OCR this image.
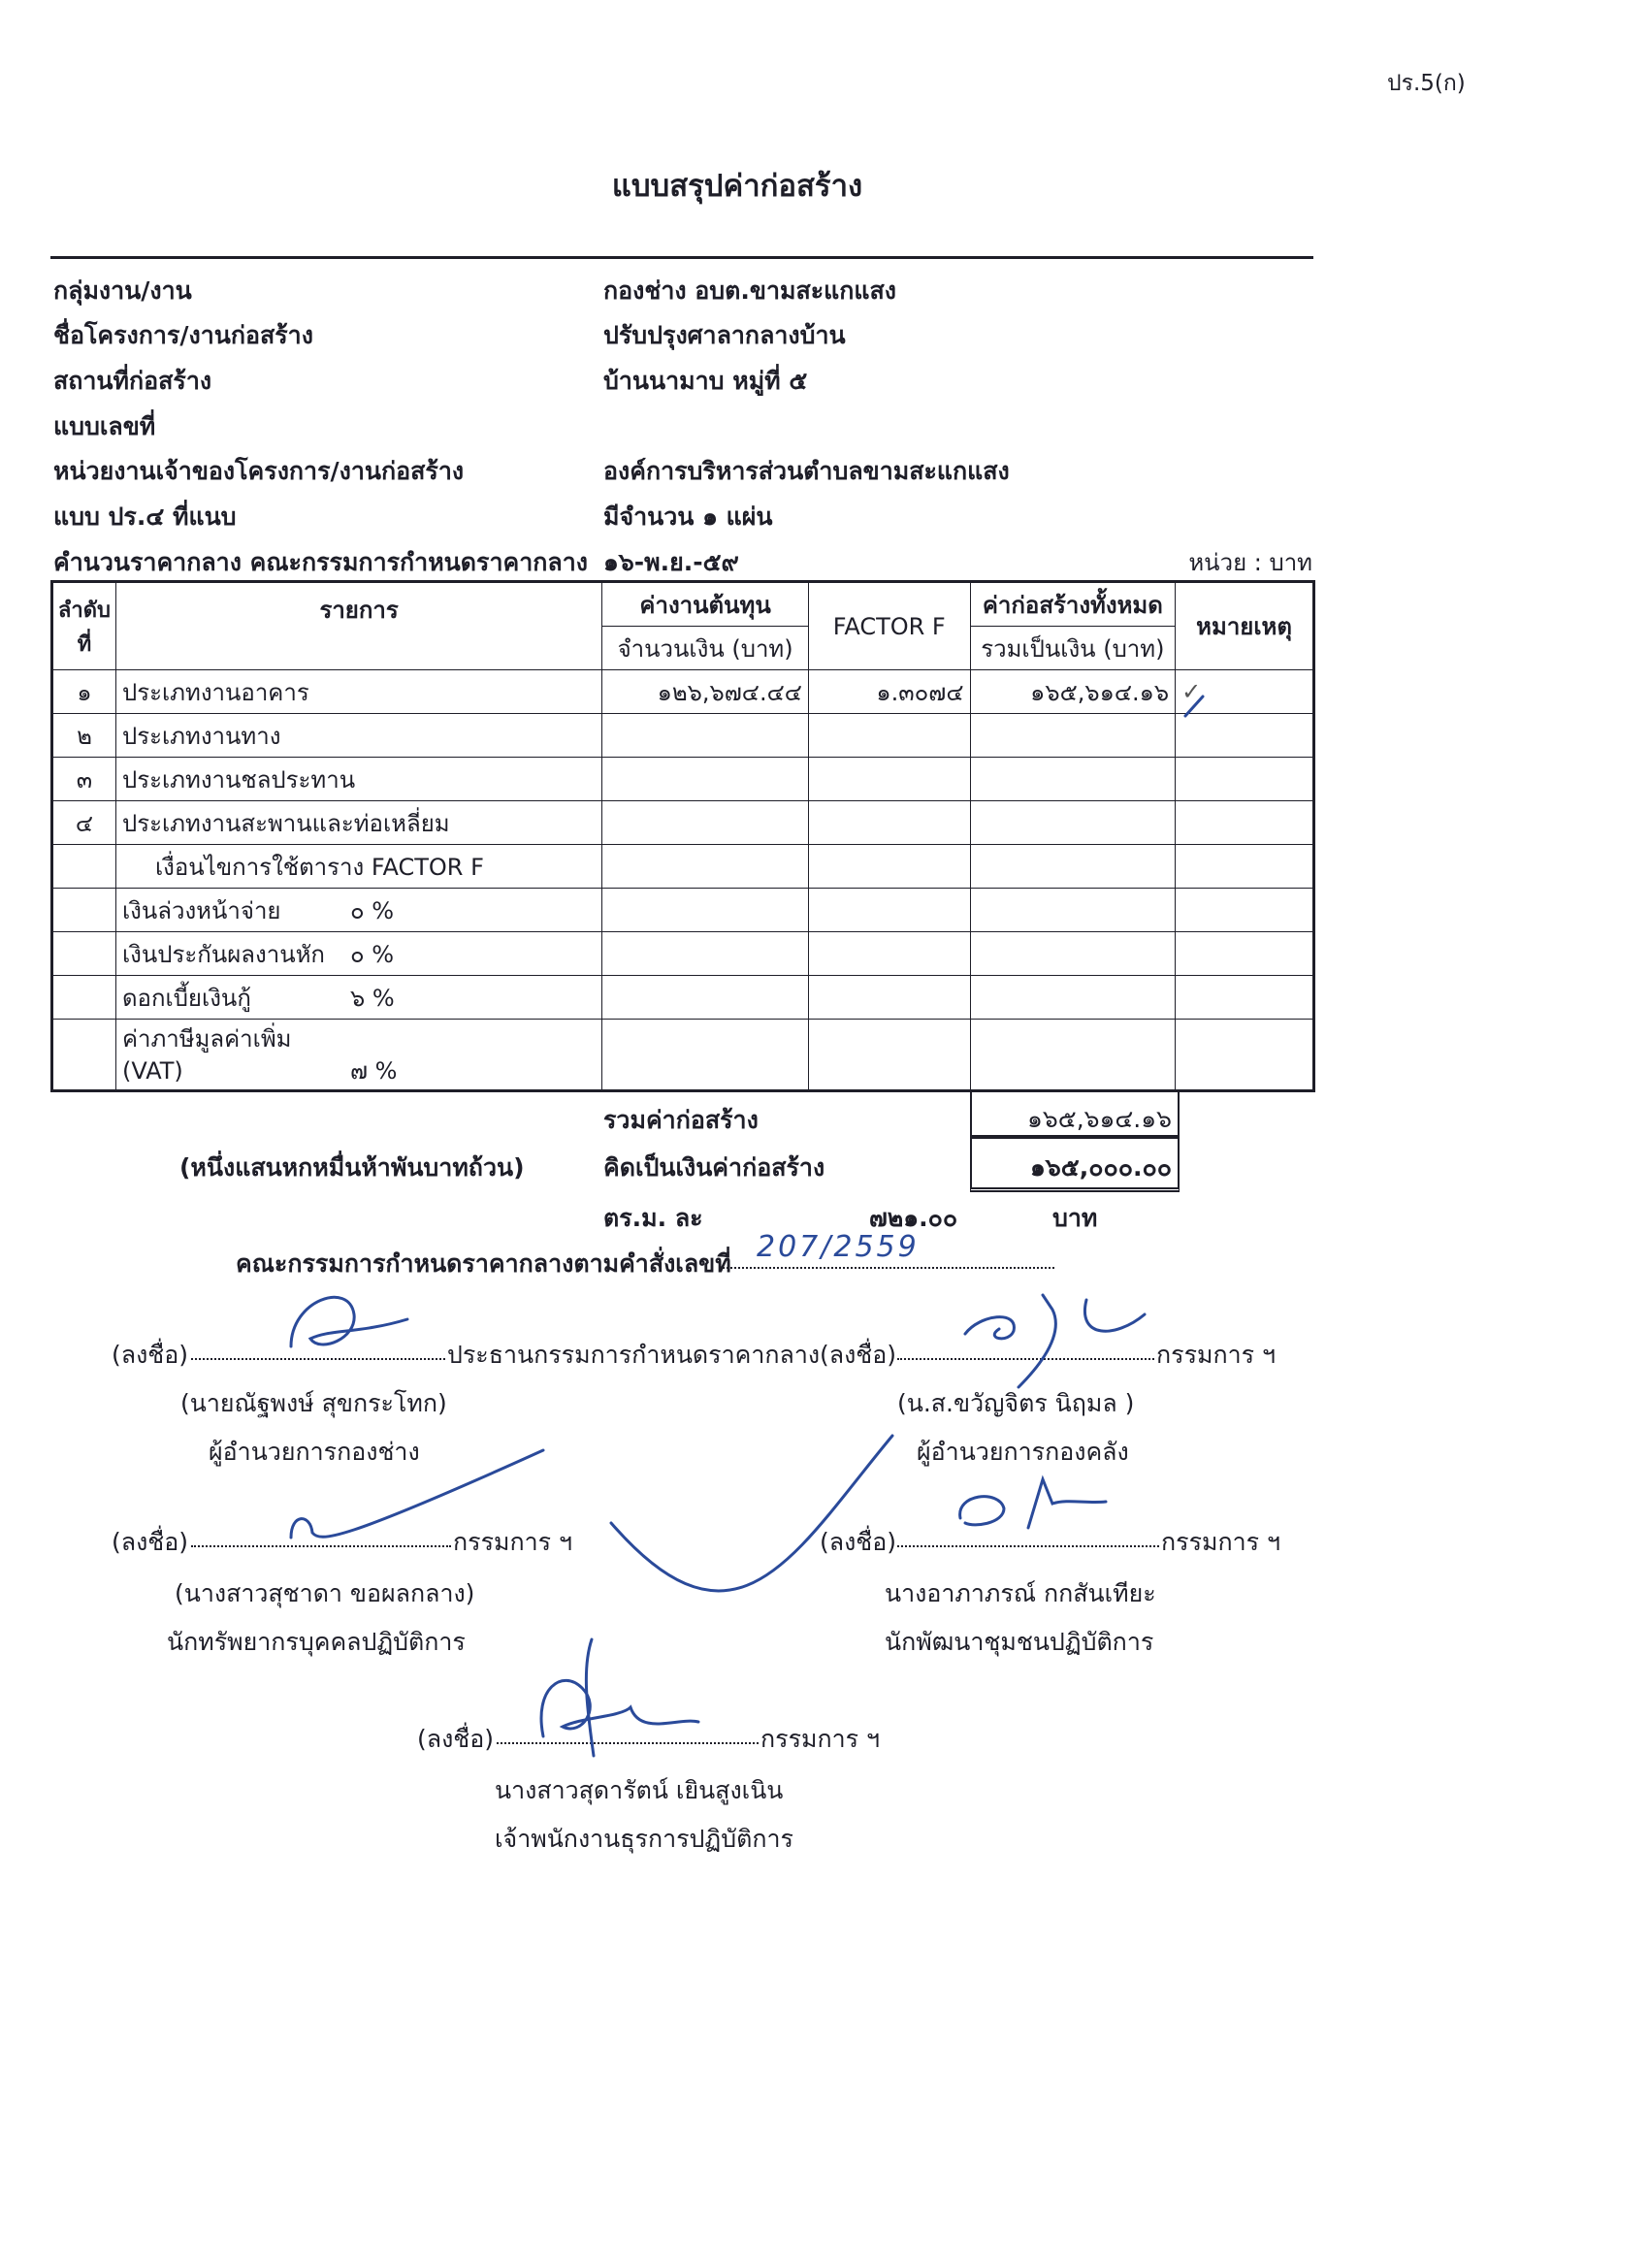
ปร.5(ก)
แบบสรุปค่าก่อสร้าง
กลุ่มงาน/งาน	กองช่าง อบต.ขามสะแกแสง
ชื่อโครงการ/งานก่อสร้าง	ปรับปรุงศาลากลางบ้าน
สถานที่ก่อสร้าง	บ้านนามาบ หมู่ที่ ๕
แบบเลขที่
หน่วยงานเจ้าของโครงการ/งานก่อสร้าง	องค์การบริหารส่วนตำบลขามสะแกแสง
แบบ ปร.๔ ที่แนบ	มีจำนวน ๑ แผ่น
คำนวนราคากลาง คณะกรรมการกำหนดราคากลาง ๑๖-พ.ย.-๕๙	หน่วย : บาท
ลำดับที่	รายการ	ค่างานต้นทุน	FACTOR F	ค่าก่อสร้างทั้งหมด	หมายเหตุ
		จำนวนเงิน (บาท)		รวมเป็นเงิน (บาท)	
๑	ประเภทงานอาคาร	๑๒๖,๖๗๔.๔๔	๑.๓๐๗๔	๑๖๕,๖๑๔.๑๖	✓
๒	ประเภทงานทาง				
๓	ประเภทงานชลประทาน				
๔	ประเภทงานสะพานและท่อเหลี่ยม				
	เงื่อนไขการใช้ตาราง FACTOR F				
	เงินล่วงหน้าจ่าย ๐ %				
	เงินประกันผลงานหัก ๐ %				
	ดอกเบี้ยเงินกู้ ๖ %				
	ค่าภาษีมูลค่าเพิ่ม (VAT) ๗ %				
รวมค่าก่อสร้าง	๑๖๕,๖๑๔.๑๖
(หนึ่งแสนหกหมื่นห้าพันบาทถ้วน)	คิดเป็นเงินค่าก่อสร้าง	๑๖๕,๐๐๐.๐๐
ตร.ม. ละ	๗๒๑.๐๐	บาท
คณะกรรมการกำหนดราคากลางตามคำสั่งเลขที่ 207/2559
(ลงชื่อ)	ประธานกรรมการกำหนดราคากลาง
(นายณัฐพงษ์ สุขกระโทก)
ผู้อำนวยการกองช่าง
(ลงชื่อ)	กรรมการ ฯ
(น.ส.ขวัญจิตร นิฤมล )
ผู้อำนวยการกองคลัง
(ลงชื่อ)	กรรมการ ฯ
(นางสาวสุชาดา ขอผลกลาง)
นักทรัพยากรบุคคลปฏิบัติการ
(ลงชื่อ)	กรรมการ ฯ
นางอาภาภรณ์ กกสันเทียะ
นักพัฒนาชุมชนปฏิบัติการ
(ลงชื่อ)	กรรมการ ฯ
นางสาวสุดารัตน์ เยินสูงเนิน
เจ้าพนักงานธุรการปฏิบัติการ
